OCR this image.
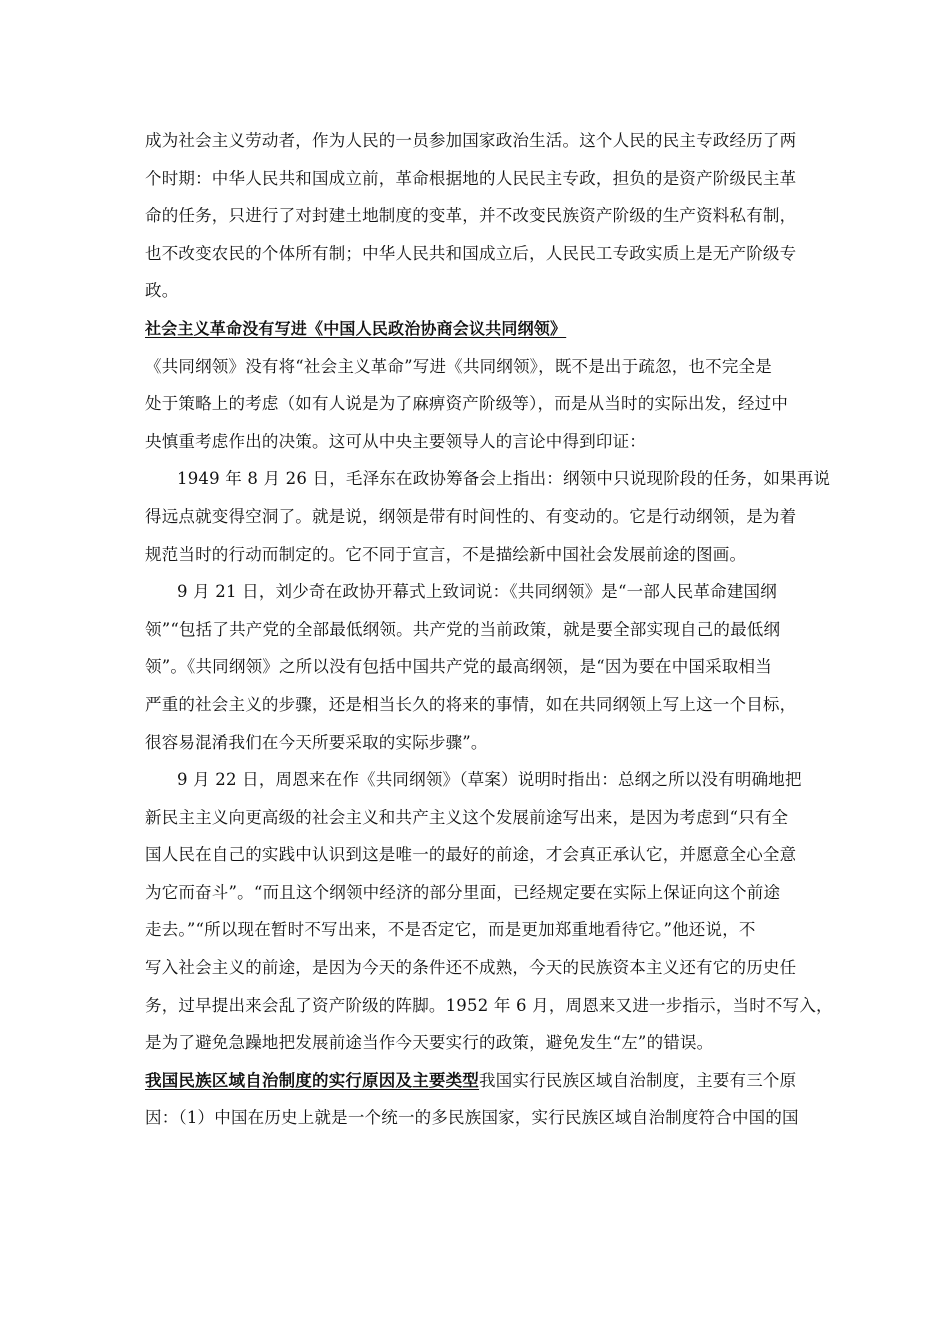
成为社会主义劳动者，作为人民的一员参加国家政治生活。这个人民的民主专政经历了两
个时期：中华人民共和国成立前，革命根据地的人民民主专政，担负的是资产阶级民主革
命的任务，只进行了对封建土地制度的变革，并不改变民族资产阶级的生产资料私有制，
也不改变农民的个体所有制；中华人民共和国成立后，人民民工专政实质上是无产阶级专
政。
社会主义革命没有写进《中国人民政治协商会议共同纲领》
《共同纲领》没有将“社会主义革命”写进《共同纲领》，既不是出于疏忽，也不完全是
处于策略上的考虑（如有人说是为了麻痹资产阶级等），而是从当时的实际出发，经过中
央慎重考虑作出的决策。这可从中央主要领导人的言论中得到印证：
1949 年 8 月 26 日，毛泽东在政协筹备会上指出：纲领中只说现阶段的任务，如果再说
得远点就变得空洞了。就是说，纲领是带有时间性的、有变动的。它是行动纲领，是为着
规范当时的行动而制定的。它不同于宣言，不是描绘新中国社会发展前途的图画。
9 月 21 日，刘少奇在政协开幕式上致词说：《共同纲领》是“一部人民革命建国纲
领”“包括了共产党的全部最低纲领。共产党的当前政策，就是要全部实现自己的最低纲
领”。《共同纲领》之所以没有包括中国共产党的最高纲领，是“因为要在中国采取相当
严重的社会主义的步骤，还是相当长久的将来的事情，如在共同纲领上写上这一个目标，
很容易混淆我们在今天所要采取的实际步骤”。
9 月 22 日，周恩来在作《共同纲领》（草案）说明时指出：总纲之所以没有明确地把
新民主主义向更高级的社会主义和共产主义这个发展前途写出来，是因为考虑到“只有全
国人民在自己的实践中认识到这是唯一的最好的前途，才会真正承认它，并愿意全心全意
为它而奋斗”。“而且这个纲领中经济的部分里面，已经规定要在实际上保证向这个前途
走去。”“所以现在暂时不写出来，不是否定它，而是更加郑重地看待它。”他还说，不
写入社会主义的前途，是因为今天的条件还不成熟，今天的民族资本主义还有它的历史任
务，过早提出来会乱了资产阶级的阵脚。1952 年 6 月，周恩来又进一步指示，当时不写入，
是为了避免急躁地把发展前途当作今天要实行的政策，避免发生“左”的错误。
我国民族区域自治制度的实行原因及主要类型我国实行民族区域自治制度，主要有三个原
因：（1）中国在历史上就是一个统一的多民族国家，实行民族区域自治制度符合中国的国
